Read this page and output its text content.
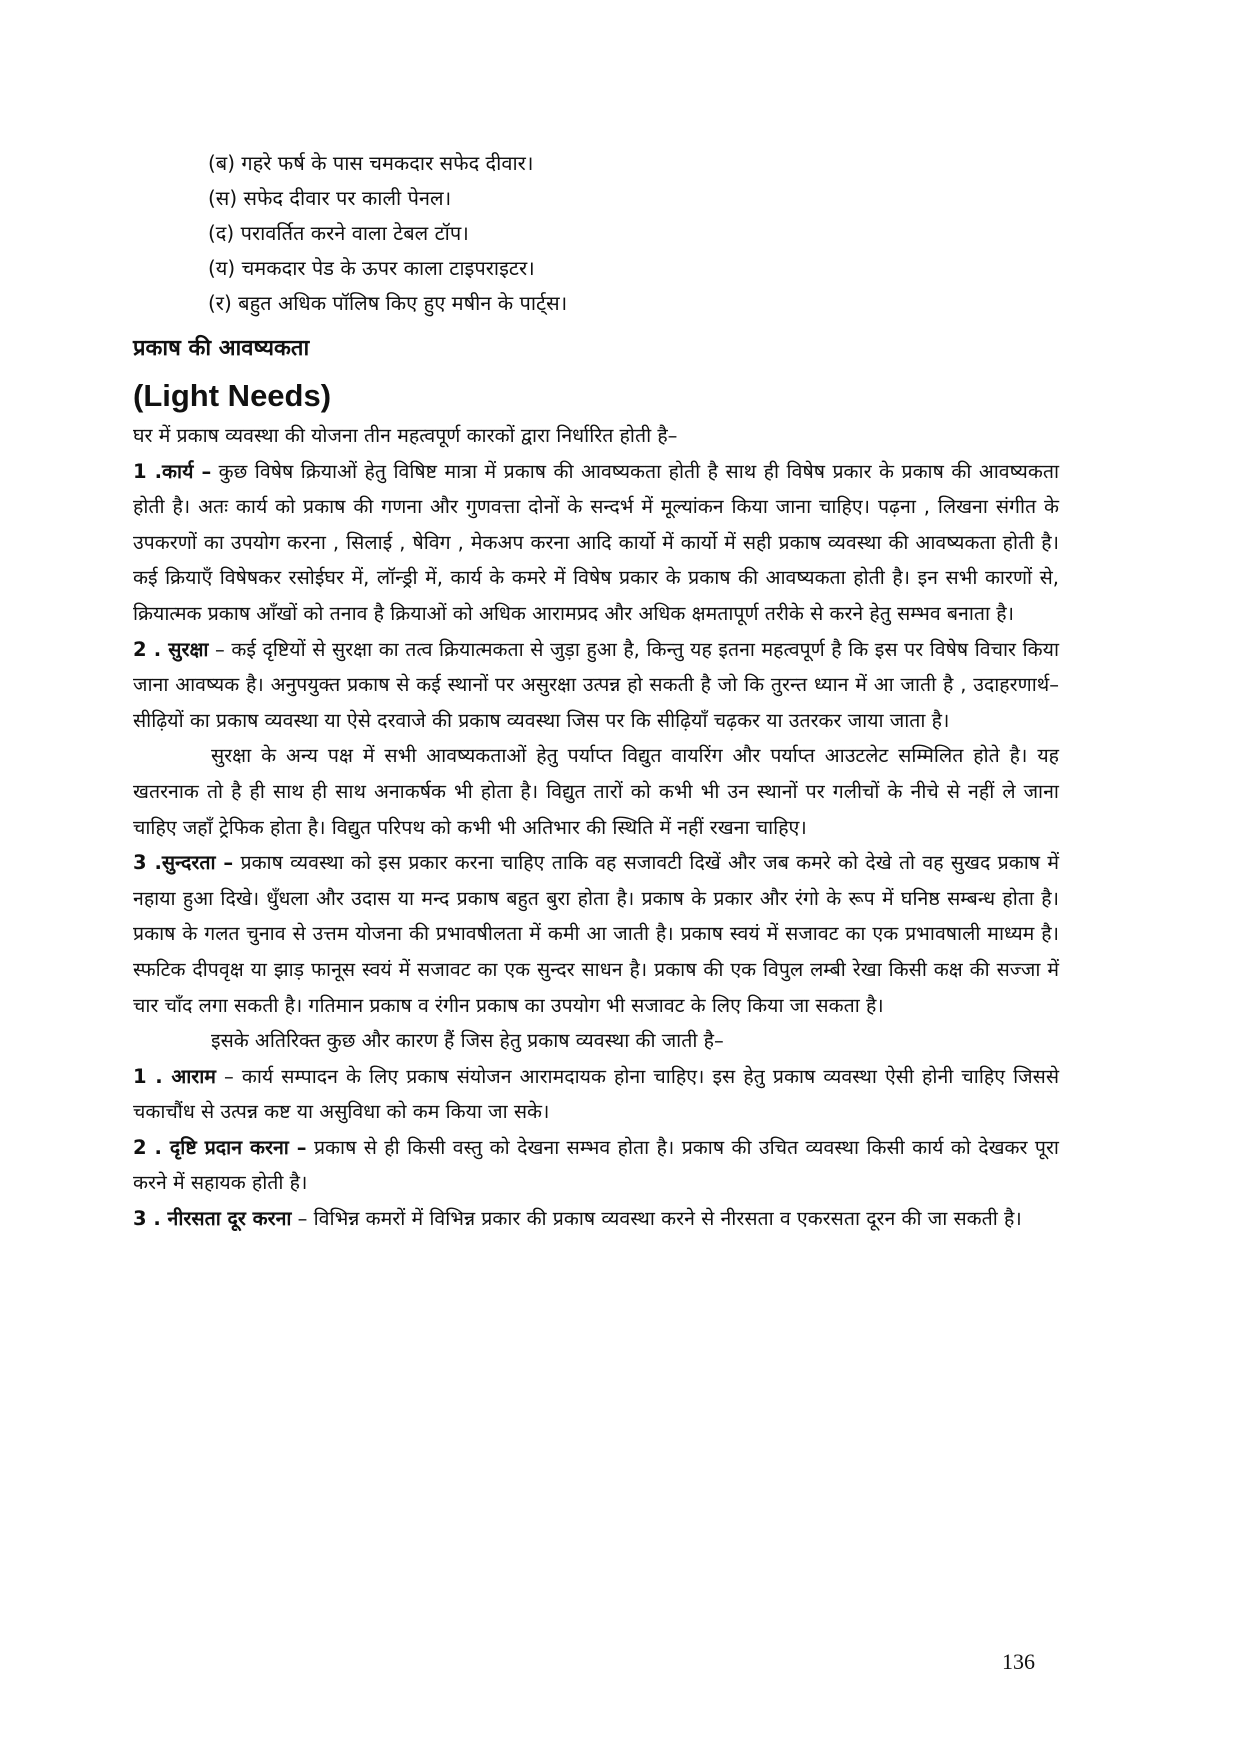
(ब) गहरे फर्ष के पास चमकदार सफेद दीवार।
(स) सफेद दीवार पर काली पेनल।
(द) परावर्तित करने वाला टेबल टॉप।
(य) चमकदार पेड के ऊपर काला टाइपराइटर।
(र) बहुत अधिक पॉलिष किए हुए मषीन के पार्ट्स।
प्रकाष की आवष्यकता
(Light Needs)

घर में प्रकाष व्यवस्था की योजना तीन महत्वपूर्ण कारकों द्वारा निर्धारित होती है–

1 .कार्य – कुछ विषेष क्रियाओं हेतु विषिष्ट मात्रा में प्रकाष की आवष्यकता होती है साथ ही विषेष प्रकार के प्रकाष की आवष्यकता होती है। अतः कार्य को प्रकाष की गणना और गुणवत्ता दोनों के सन्दर्भ में मूल्यांकन किया जाना चाहिए। पढ़ना , लिखना संगीत के उपकरणों का उपयोग करना , सिलाई , षेविग , मेकअप करना आदि कार्यो में कार्यो में सही प्रकाष व्यवस्था की आवष्यकता होती है। कई क्रियाएँ विषेषकर रसोईघर में, लॉन्ड्री में, कार्य के कमरे में विषेष प्रकार के प्रकाष की आवष्यकता होती है। इन सभी कारणों से, क्रियात्मक प्रकाष आँखों को तनाव है क्रियाओं को अधिक आरामप्रद और अधिक क्षमतापूर्ण तरीके से करने हेतु सम्भव बनाता है।

2 . सुरक्षा – कई दृष्टियों से सुरक्षा का तत्व क्रियात्मकता से जुड़ा हुआ है, किन्तु यह इतना महत्वपूर्ण है कि इस पर विषेष विचार किया जाना आवष्यक है। अनुपयुक्त प्रकाष से कई स्थानों पर असुरक्षा उत्पन्न हो सकती है जो कि तुरन्त ध्यान में आ जाती है , उदाहरणार्थ–सीढ़ियों का प्रकाष व्यवस्था या ऐसे दरवाजे की प्रकाष व्यवस्था जिस पर कि सीढ़ियाँ चढ़कर या उतरकर जाया जाता है।

सुरक्षा के अन्य पक्ष में सभी आवष्यकताओं हेतु पर्याप्त विद्युत वायरिंग और पर्याप्त आउटलेट सम्मिलित होते है। यह खतरनाक तो है ही साथ ही साथ अनाकर्षक भी होता है। विद्युत तारों को कभी भी उन स्थानों पर गलीचों के नीचे से नहीं ले जाना चाहिए जहाँ ट्रेफिक होता है। विद्युत परिपथ को कभी भी अतिभार की स्थिति में नहीं रखना चाहिए।

3 .सुन्दरता – प्रकाष व्यवस्था को इस प्रकार करना चाहिए ताकि वह सजावटी दिखें और जब कमरे को देखे तो वह सुखद प्रकाष में नहाया हुआ दिखे। धुँधला और उदास या मन्द प्रकाष बहुत बुरा होता है। प्रकाष के प्रकार और रंगो के रूप में घनिष्ठ सम्बन्ध होता है। प्रकाष के गलत चुनाव से उत्तम योजना की प्रभावषीलता में कमी आ जाती है। प्रकाष स्वयं में सजावट का एक प्रभावषाली माध्यम है। स्फटिक दीपवृक्ष या झाड़ फानूस स्वयं में सजावट का एक सुन्दर साधन है। प्रकाष की एक विपुल लम्बी रेखा किसी कक्ष की सज्जा में चार चाँद लगा सकती है। गतिमान प्रकाष व रंगीन प्रकाष का उपयोग भी सजावट के लिए किया जा सकता है।

इसके अतिरिक्त कुछ और कारण हैं जिस हेतु प्रकाष व्यवस्था की जाती है–

1 . आराम – कार्य सम्पादन के लिए प्रकाष संयोजन आरामदायक होना चाहिए। इस हेतु प्रकाष व्यवस्था ऐसी होनी चाहिए जिससे चकाचौंध से उत्पन्न कष्ट या असुविधा को कम किया जा सके।

2 . दृष्टि प्रदान करना – प्रकाष से ही किसी वस्तु को देखना सम्भव होता है। प्रकाष की उचित व्यवस्था किसी कार्य को देखकर पूरा करने में सहायक होती है।

3 . नीरसता दूर करना – विभिन्न कमरों में विभिन्न प्रकार की प्रकाष व्यवस्था करने से नीरसता व एकरसता दूरन की जा सकती है।

136
